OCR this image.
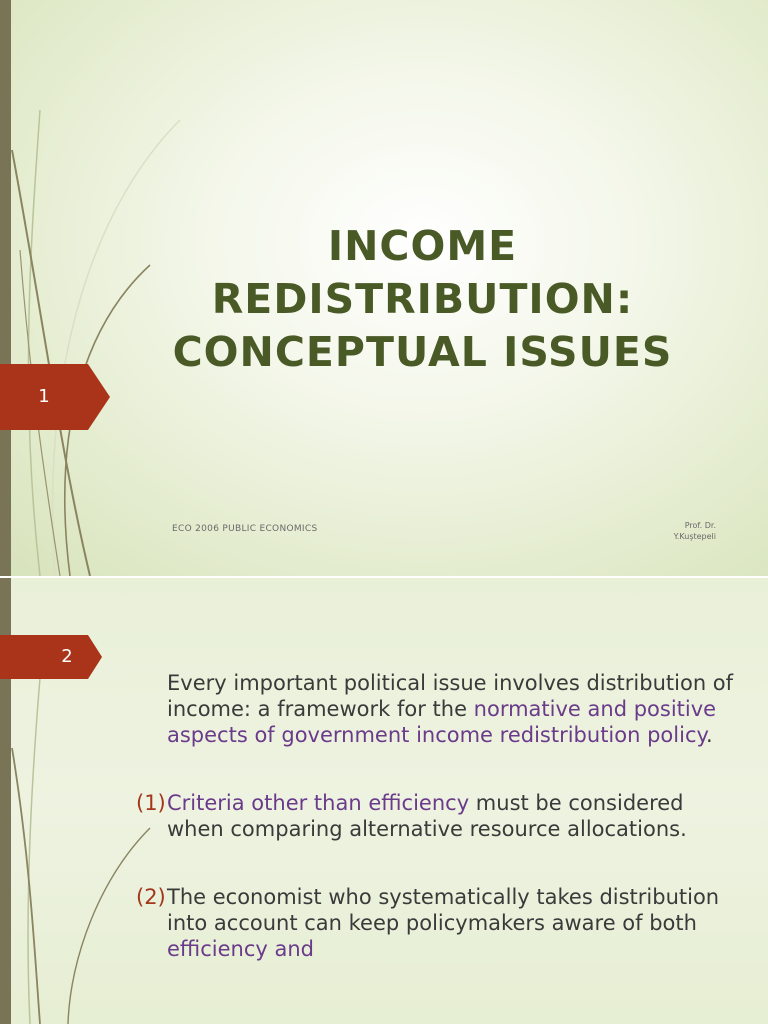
1
INCOME
REDISTRIBUTION:
CONCEPTUAL ISSUES
ECO 2006 PUBLIC ECONOMICS	Prof. Dr.
Y.Kuştepeli
2
Every important political issue involves distribution of income: a framework for the normative and positive aspects of government income redistribution policy.
(1) Criteria other than efficiency must be considered when comparing alternative resource allocations.
(2) The economist who systematically takes distribution into account can keep policymakers aware of both efficiency and
